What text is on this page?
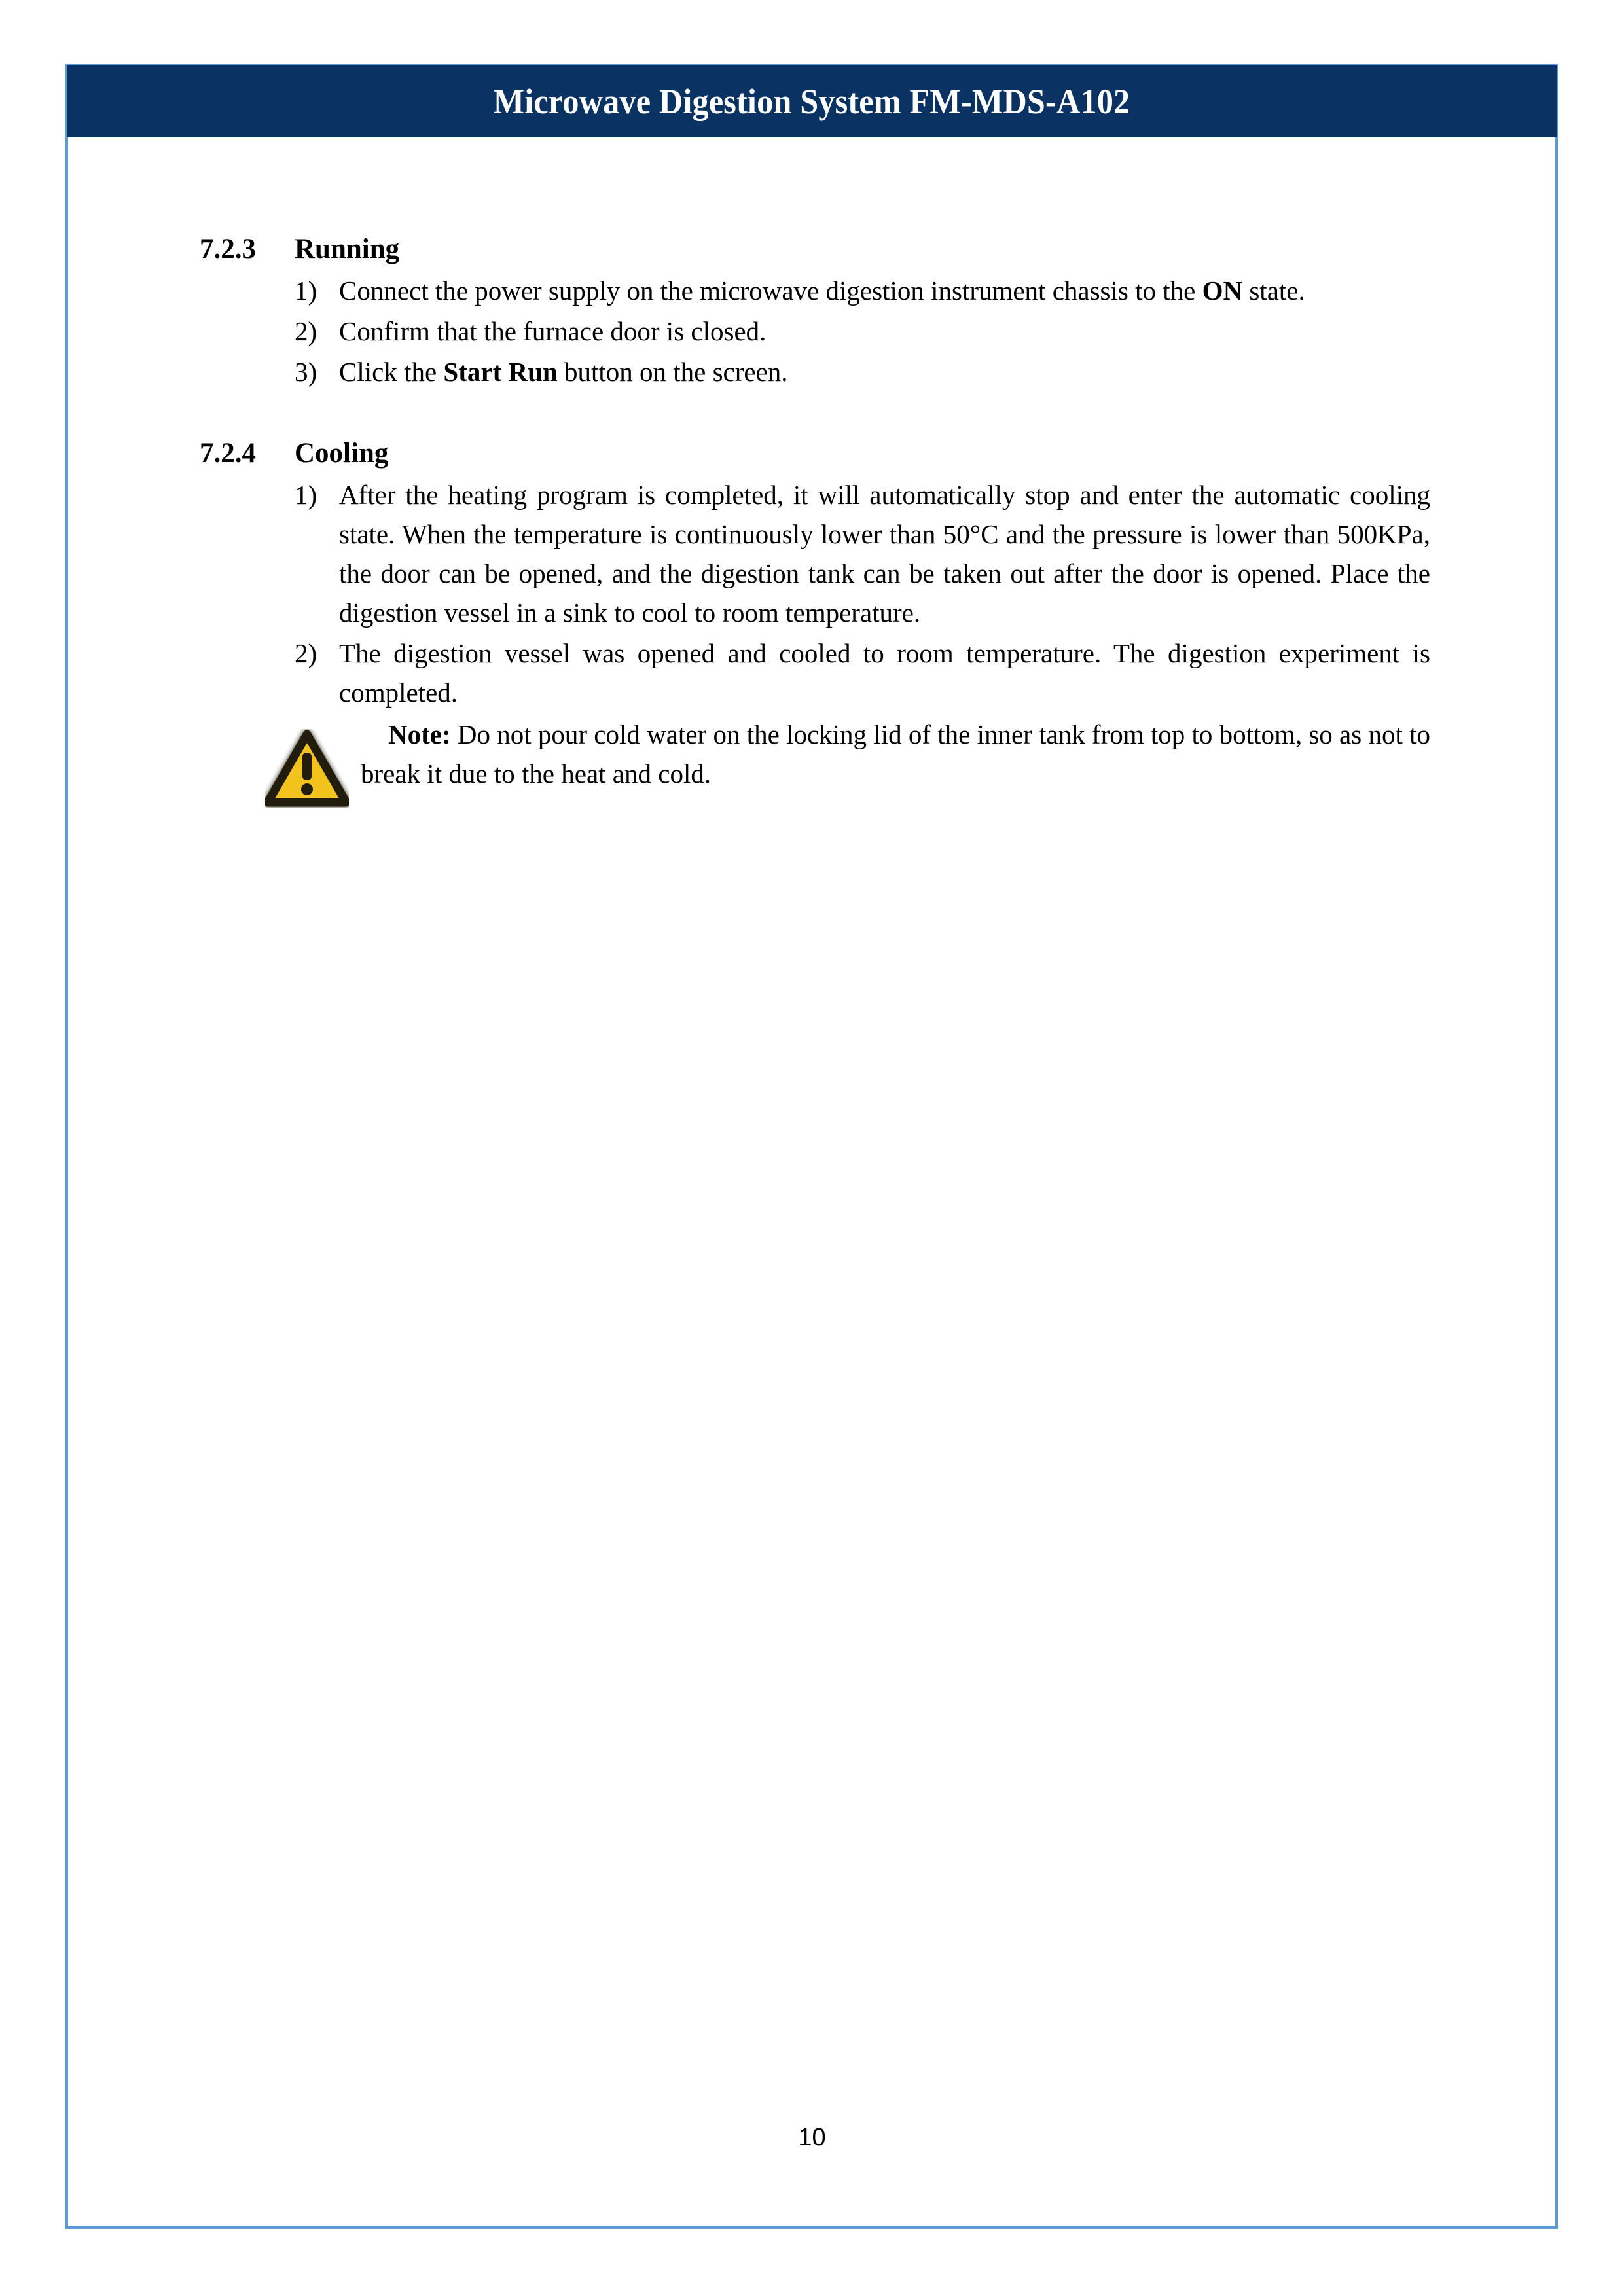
Microwave Digestion System FM-MDS-A102
7.2.3	Running
1) Connect the power supply on the microwave digestion instrument chassis to the ON state.
2) Confirm that the furnace door is closed.
3) Click the Start Run button on the screen.
7.2.4	Cooling
1) After the heating program is completed, it will automatically stop and enter the automatic cooling state. When the temperature is continuously lower than 50°C and the pressure is lower than 500KPa, the door can be opened, and the digestion tank can be taken out after the door is opened. Place the digestion vessel in a sink to cool to room temperature.
2) The digestion vessel was opened and cooled to room temperature. The digestion experiment is completed.
Note: Do not pour cold water on the locking lid of the inner tank from top to bottom, so as not to break it due to the heat and cold.
10
